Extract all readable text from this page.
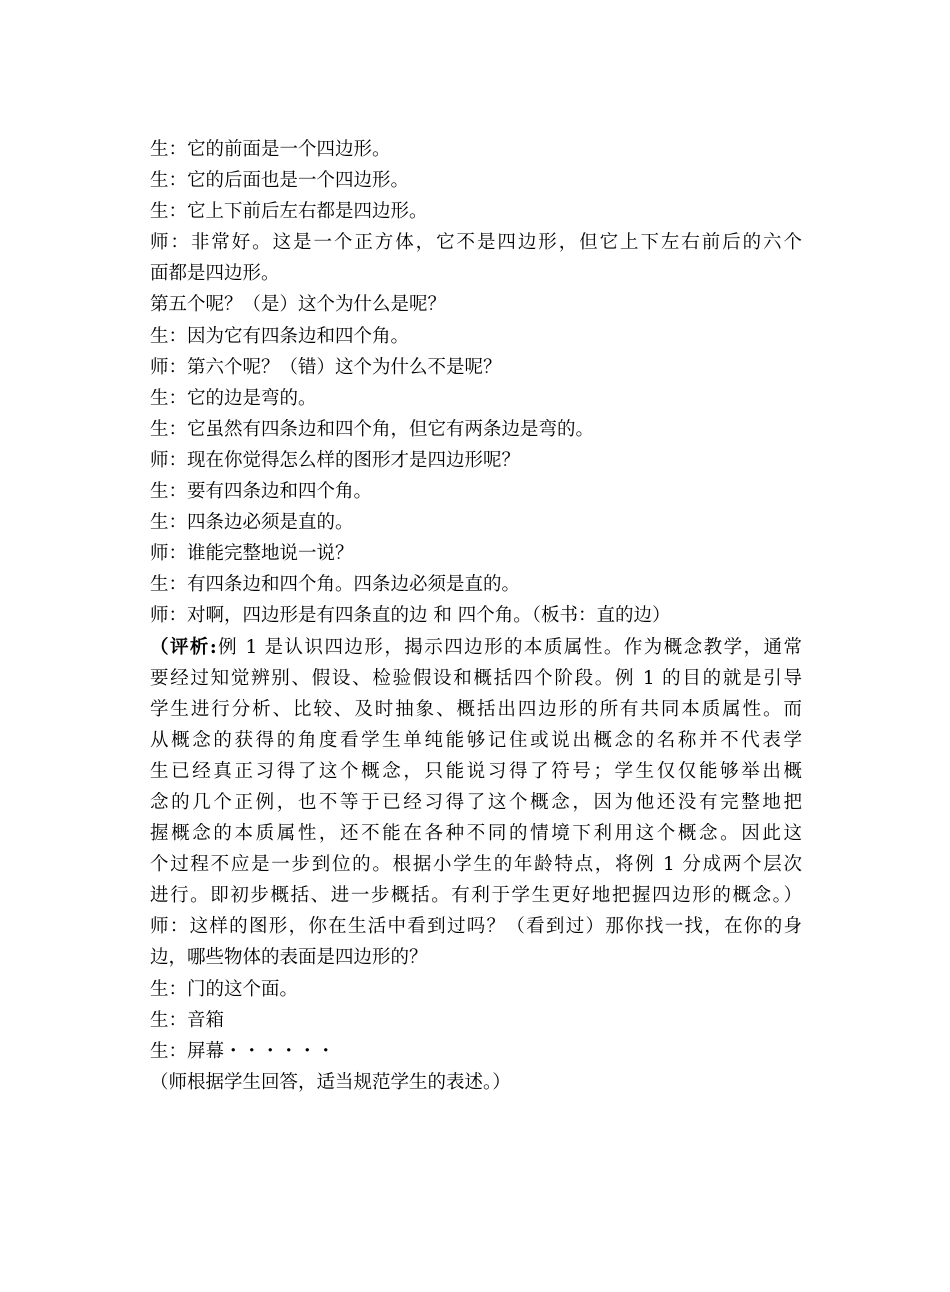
生：它的前面是一个四边形。
生：它的后面也是一个四边形。
生：它上下前后左右都是四边形。
师：非常好。这是一个正方体，它不是四边形，但它上下左右前后的六个
面都是四边形。
第五个呢？（是）这个为什么是呢？
生：因为它有四条边和四个角。
师：第六个呢？（错）这个为什么不是呢？
生：它的边是弯的。
生：它虽然有四条边和四个角，但它有两条边是弯的。
师：现在你觉得怎么样的图形才是四边形呢？
生：要有四条边和四个角。
生：四条边必须是直的。
师：谁能完整地说一说？
生：有四条边和四个角。四条边必须是直的。
师：对啊，四边形是有四条直的边 和 四个角。（板书：直的边）
（评析:例 1 是认识四边形，揭示四边形的本质属性。作为概念教学，通常
要经过知觉辨别、假设、检验假设和概括四个阶段。例 1 的目的就是引导
学生进行分析、比较、及时抽象、概括出四边形的所有共同本质属性。而
从概念的获得的角度看学生单纯能够记住或说出概念的名称并不代表学
生已经真正习得了这个概念，只能说习得了符号；学生仅仅能够举出概
念的几个正例，也不等于已经习得了这个概念，因为他还没有完整地把
握概念的本质属性，还不能在各种不同的情境下利用这个概念。因此这
个过程不应是一步到位的。根据小学生的年龄特点，将例 1 分成两个层次
进行。即初步概括、进一步概括。有利于学生更好地把握四边形的概念。）
师：这样的图形，你在生活中看到过吗？（看到过）那你找一找，在你的身
边，哪些物体的表面是四边形的？
生：门的这个面。
生：音箱
生：屏幕・・・・・・
（师根据学生回答，适当规范学生的表述。）
